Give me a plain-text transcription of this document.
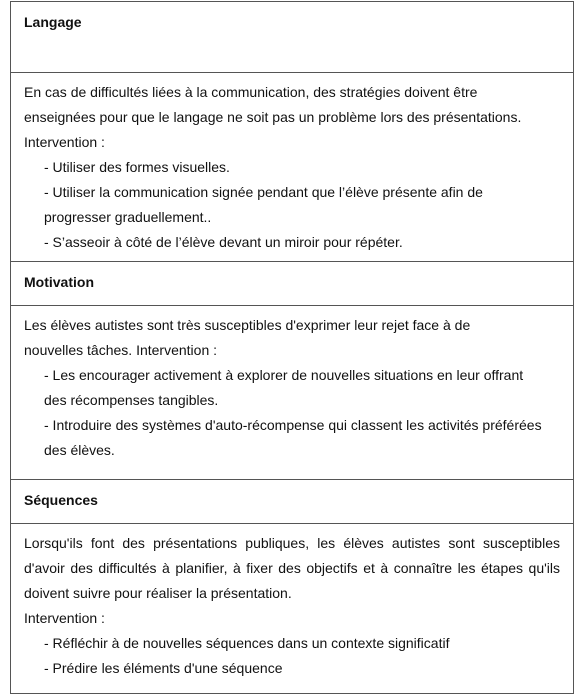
Langage

En cas de difficultés liées à la communication, des stratégies doivent être
enseignées pour que le langage ne soit pas un problème lors des présentations.
Intervention :
- Utiliser des formes visuelles.
- Utiliser la communication signée pendant que l’élève présente afin de
progresser graduellement..
- S’asseoir à côté de l’élève devant un miroir pour répéter.

Motivation

Les élèves autistes sont très susceptibles d'exprimer leur rejet face à de
nouvelles tâches. Intervention :
- Les encourager activement à explorer de nouvelles situations en leur offrant
des récompenses tangibles.
- Introduire des systèmes d'auto-récompense qui classent les activités préférées
des élèves.

Séquences

Lorsqu'ils font des présentations publiques, les élèves autistes sont susceptibles
d'avoir des difficultés à planifier, à fixer des objectifs et à connaître les étapes qu'ils
doivent suivre pour réaliser la présentation.
Intervention :
- Réfléchir à de nouvelles séquences dans un contexte significatif
- Prédire les éléments d'une séquence
